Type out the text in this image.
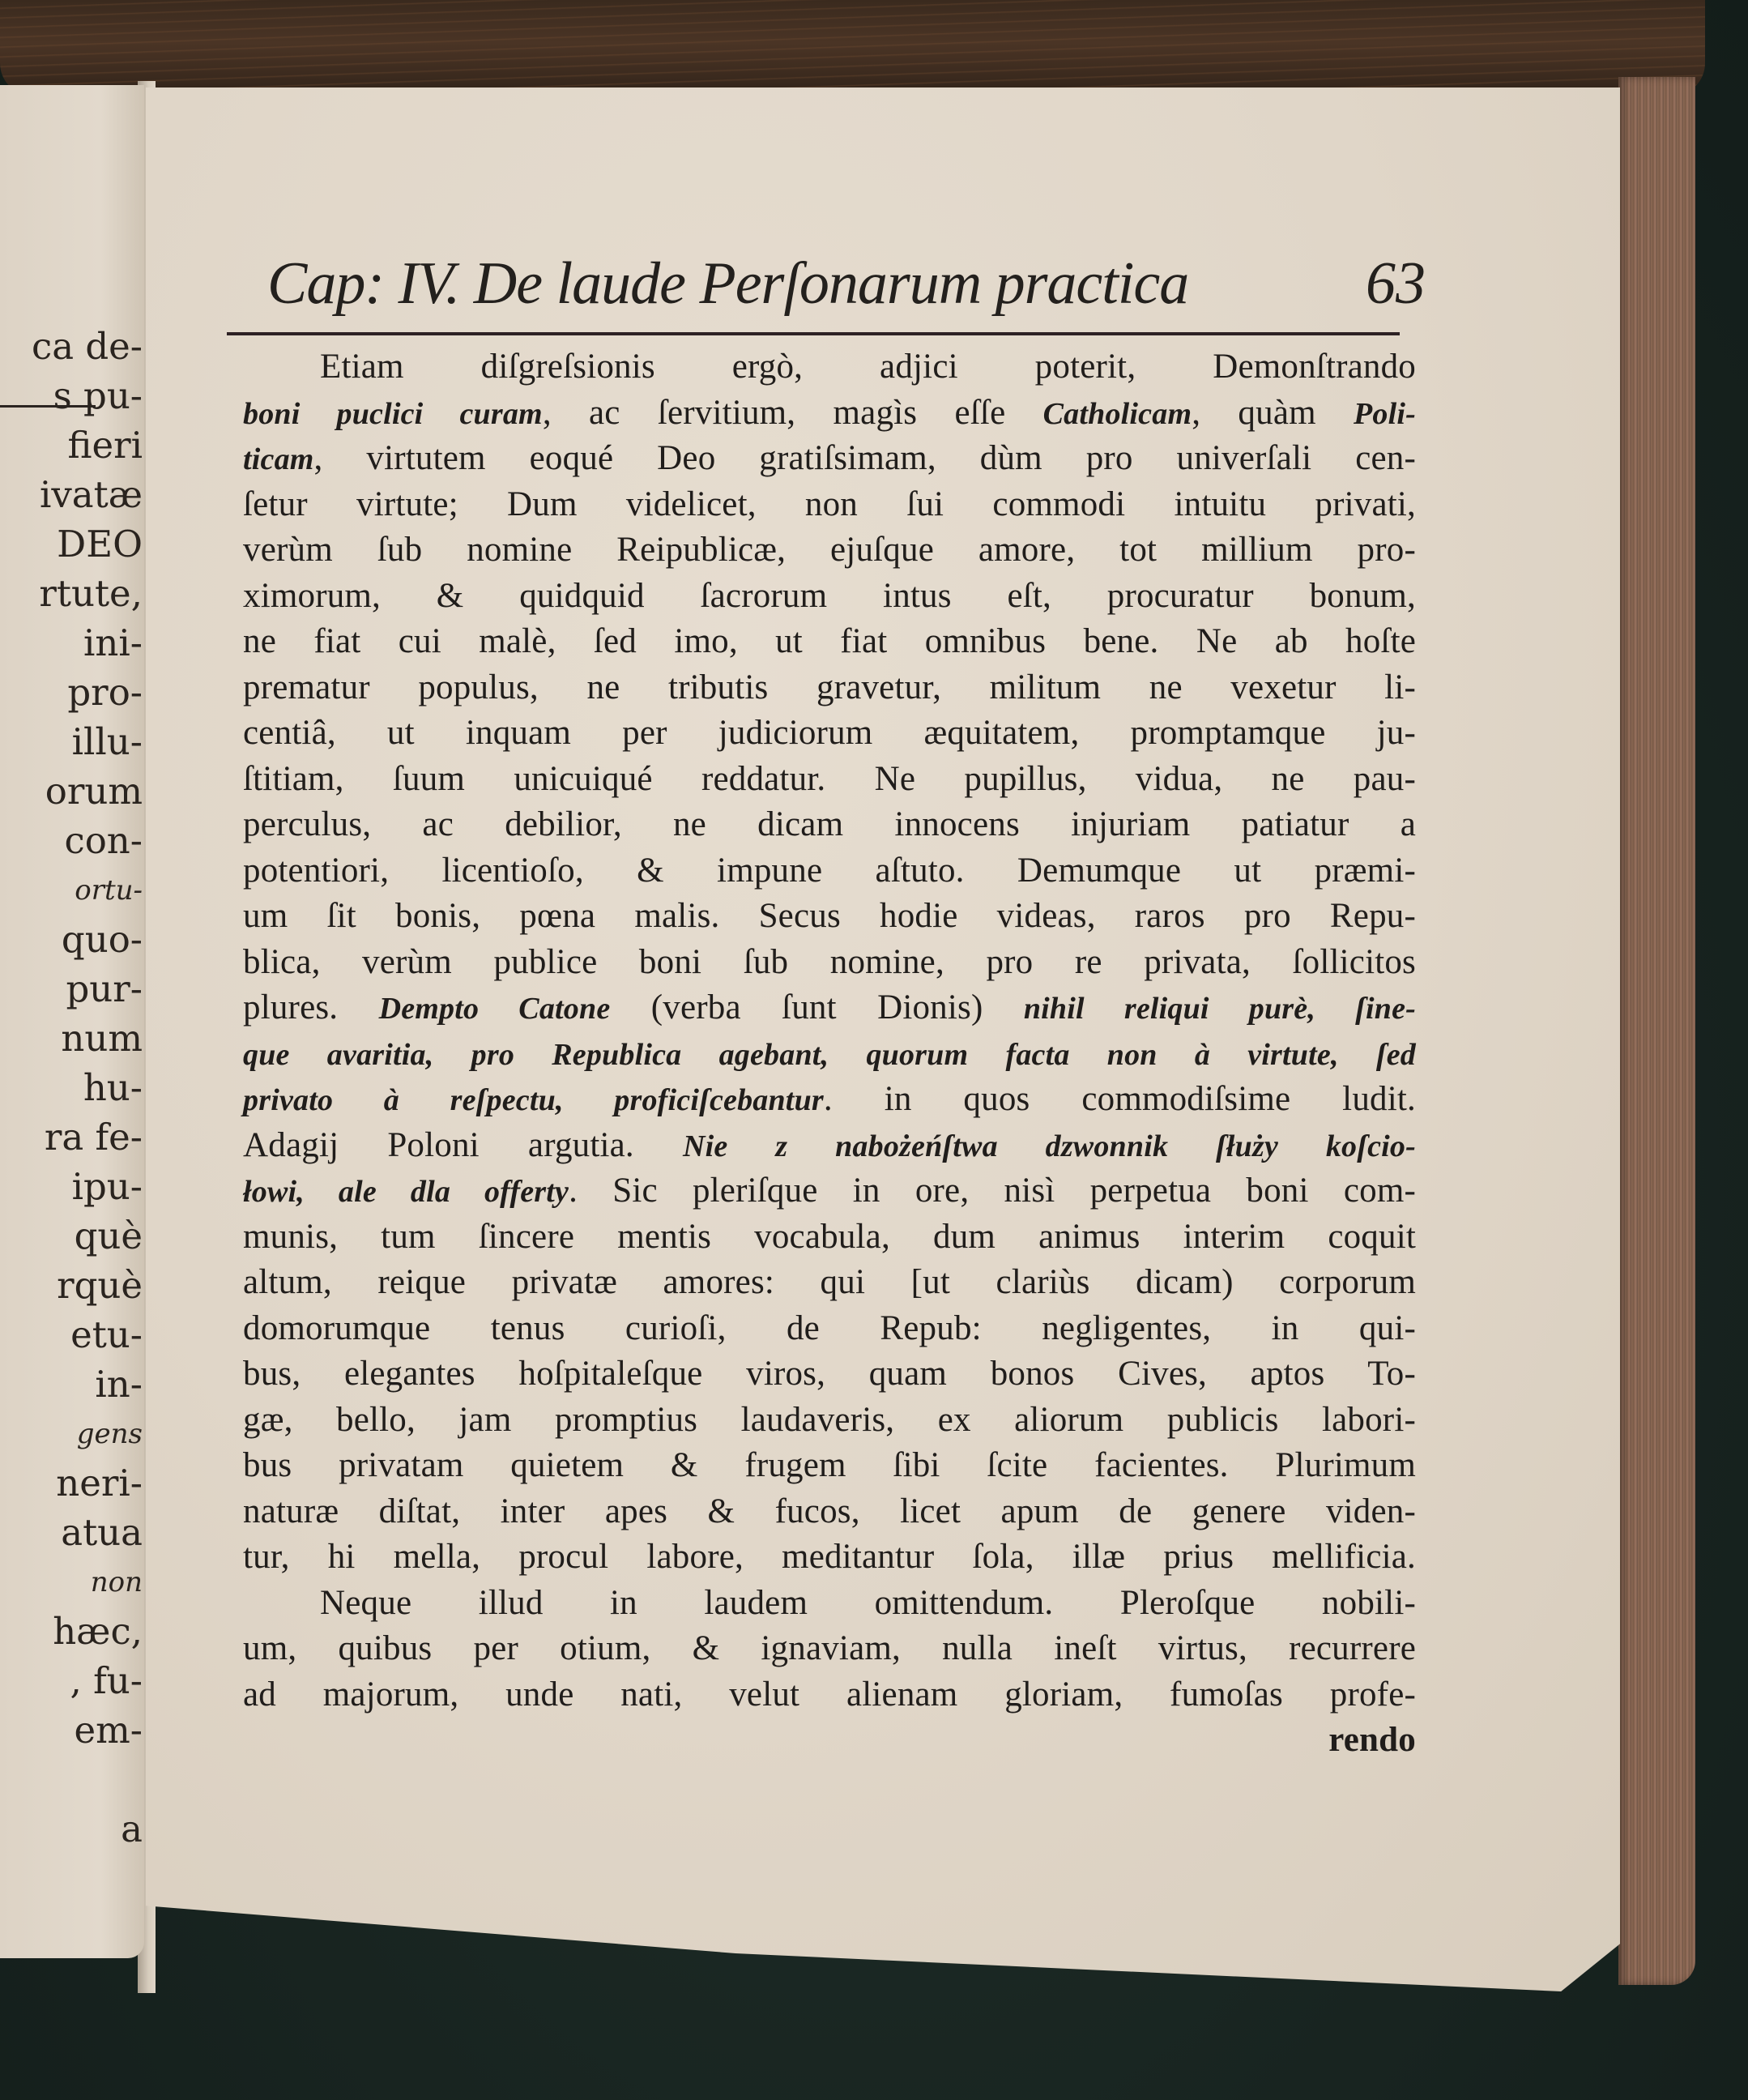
ca de-
s pu-
fieri
ivatæ
DEO
rtute,
ini-
pro-
illu-
orum
con-
ortu-
quo-
pur-
num
hu-
ra fe-
ipu-
què
rquè
etu-
in-
gens
neri-
atua
non
hæc,
, fu-
em-
a
Cap: IV. De laude Perſonarum practica	63
Etiam diſgreſsionis ergò, adjici poterit, Demonſtrando
boni puclici curam, ac ſervitium, magìs eſſe Catholicam, quàm Poli-
ticam, virtutem eoqué Deo gratiſsimam, dùm pro univerſali cen-
ſetur virtute; Dum videlicet, non ſui commodi intuitu privati,
verùm ſub nomine Reipublicæ, ejuſque amore, tot millium pro-
ximorum, & quidquid ſacrorum intus eſt, procuratur bonum,
ne fiat cui malè, ſed imo, ut fiat omnibus bene. Ne ab hoſte
prematur populus, ne tributis gravetur, militum ne vexetur li-
centiâ, ut inquam per judiciorum æquitatem, promptamque ju-
ſtitiam, ſuum unicuiqué reddatur. Ne pupillus, vidua, ne pau-
perculus, ac debilior, ne dicam innocens injuriam patiatur a
potentiori, licentioſo, & impune aſtuto. Demumque ut præmi-
um ſit bonis, pœna malis. Secus hodie videas, raros pro Repu-
blica, verùm publice boni ſub nomine, pro re privata, ſollicitos
plures. Dempto Catone (verba ſunt Dionis) nihil reliqui purè, ſine-
que avaritia, pro Republica agebant, quorum facta non à virtute, ſed
privato à reſpectu, proficiſcebantur. in quos commodiſsime ludit.
Adagij Poloni argutia. Nie z nabożeńſtwa dzwonnik ſłuży koſcio-
łowi, ale dla offerty. Sic pleriſque in ore, nisì perpetua boni com-
munis, tum ſincere mentis vocabula, dum animus interim coquit
altum, reique privatæ amores: qui [ut clariùs dicam) corporum
domorumque tenus curioſi, de Repub: negligentes, in qui-
bus, elegantes hoſpitaleſque viros, quam bonos Cives, aptos To-
gæ, bello, jam promptius laudaveris, ex aliorum publicis labori-
bus privatam quietem & frugem ſibi ſcite facientes. Plurimum
naturæ diſtat, inter apes & fucos, licet apum de genere viden-
tur, hi mella, procul labore, meditantur ſola, illæ prius mellificia.
Neque illud in laudem omittendum. Pleroſque nobili-
um, quibus per otium, & ignaviam, nulla ineſt virtus, recurrere
ad majorum, unde nati, velut alienam gloriam, fumoſas profe-
rendo
